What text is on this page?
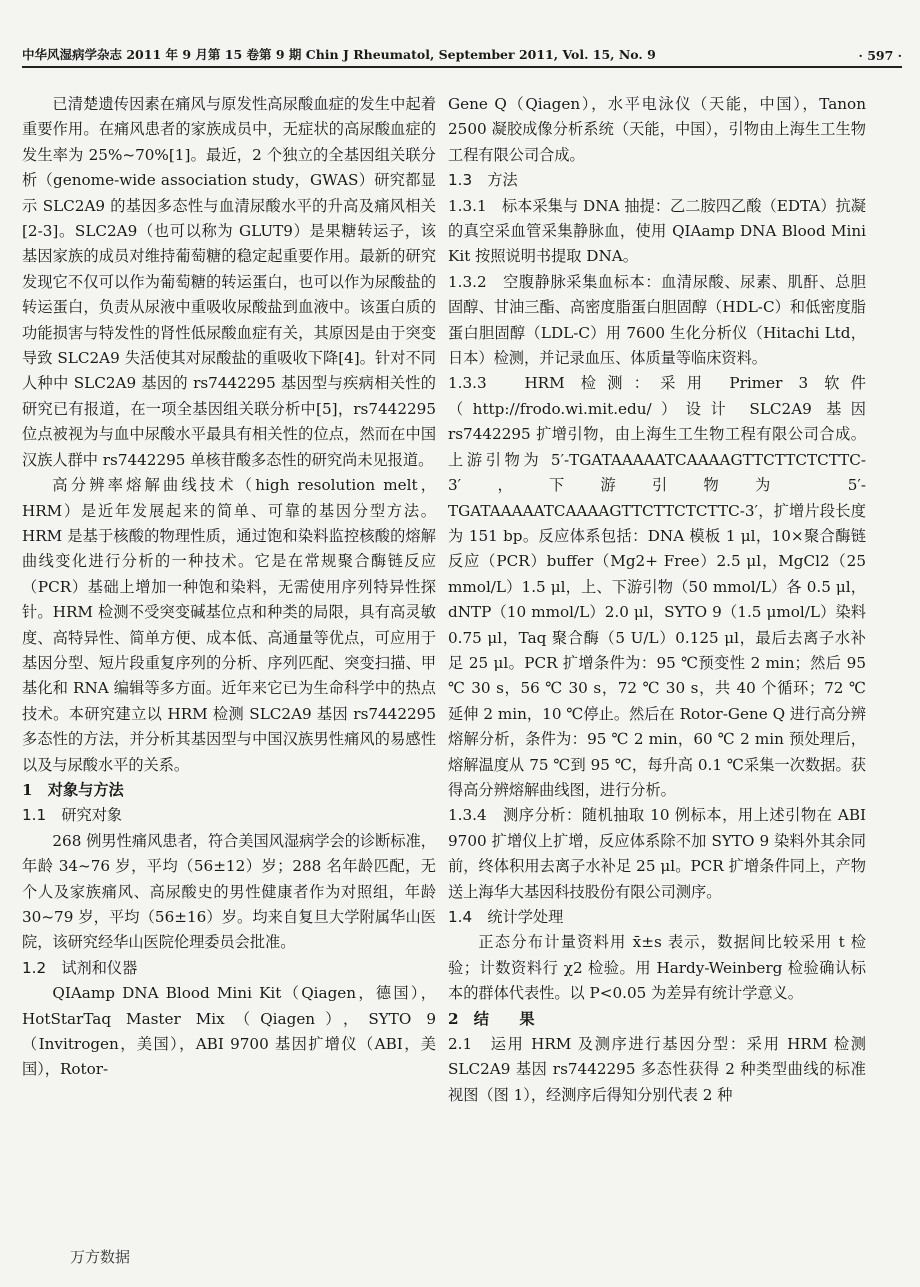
中华风湿病学杂志 2011 年 9 月第 15 卷第 9 期 Chin J Rheumatol, September 2011, Vol. 15, No. 9	· 597 ·

已清楚遗传因素在痛风与原发性高尿酸血症的发生中起着重要作用。在痛风患者的家族成员中，无症状的高尿酸血症的发生率为 25%~70%[1]。最近，2 个独立的全基因组关联分析（genome-wide association study，GWAS）研究都显示 SLC2A9 的基因多态性与血清尿酸水平的升高及痛风相关[2-3]。SLC2A9（也可以称为 GLUT9）是果糖转运子，该基因家族的成员对维持葡萄糖的稳定起重要作用。最新的研究发现它不仅可以作为葡萄糖的转运蛋白，也可以作为尿酸盐的转运蛋白，负责从尿液中重吸收尿酸盐到血液中。该蛋白质的功能损害与特发性的肾性低尿酸血症有关，其原因是由于突变导致 SLC2A9 失活使其对尿酸盐的重吸收下降[4]。针对不同人种中 SLC2A9 基因的 rs7442295 基因型与疾病相关性的研究已有报道，在一项全基因组关联分析中[5]，rs7442295 位点被视为与血中尿酸水平最具有相关性的位点，然而在中国汉族人群中 rs7442295 单核苷酸多态性的研究尚未见报道。

高分辨率熔解曲线技术（high resolution melt，HRM）是近年发展起来的简单、可靠的基因分型方法。HRM 是基于核酸的物理性质，通过饱和染料监控核酸的熔解曲线变化进行分析的一种技术。它是在常规聚合酶链反应（PCR）基础上增加一种饱和染料，无需使用序列特异性探针。HRM 检测不受突变碱基位点和种类的局限，具有高灵敏度、高特异性、简单方便、成本低、高通量等优点，可应用于基因分型、短片段重复序列的分析、序列匹配、突变扫描、甲基化和 RNA 编辑等多方面。近年来它已为生命科学中的热点技术。本研究建立以 HRM 检测 SLC2A9 基因 rs7442295 多态性的方法，并分析其基因型与中国汉族男性痛风的易感性以及与尿酸水平的关系。

1　对象与方法

1.1　研究对象

268 例男性痛风患者，符合美国风湿病学会的诊断标准，年龄 34~76 岁，平均（56±12）岁；288 名年龄匹配，无个人及家族痛风、高尿酸史的男性健康者作为对照组，年龄 30~79 岁，平均（56±16）岁。均来自复旦大学附属华山医院，该研究经华山医院伦理委员会批准。

1.2　试剂和仪器

QIAamp DNA Blood Mini Kit（Qiagen，德国），HotStarTaq Master Mix（Qiagen），SYTO 9（Invitrogen，美国），ABI 9700 基因扩增仪（ABI，美国），Rotor-

Gene Q（Qiagen），水平电泳仪（天能，中国），Tanon 2500 凝胶成像分析系统（天能，中国），引物由上海生工生物工程有限公司合成。

1.3　方法

1.3.1　标本采集与 DNA 抽提：乙二胺四乙酸（EDTA）抗凝的真空采血管采集静脉血，使用 QIAamp DNA Blood Mini Kit 按照说明书提取 DNA。

1.3.2　空腹静脉采集血标本：血清尿酸、尿素、肌酐、总胆固醇、甘油三酯、高密度脂蛋白胆固醇（HDL-C）和低密度脂蛋白胆固醇（LDL-C）用 7600 生化分析仪（Hitachi Ltd，日本）检测，并记录血压、体质量等临床资料。

1.3.3　HRM 检测：采用 Primer 3 软件（http://frodo.wi.mit.edu/）设计 SLC2A9 基因 rs7442295 扩增引物，由上海生工生物工程有限公司合成。上游引物为 5′-TGATAAAAATCAAAAGTTCTTCTCTTC-3′，下游引物为 5′-TGATAAAAATCAAAAGTTCTTCTCTTC-3′，扩增片段长度为 151 bp。反应体系包括：DNA 模板 1 μl，10×聚合酶链反应（PCR）buffer（Mg2+ Free）2.5 μl，MgCl2（25 mmol/L）1.5 μl，上、下游引物（50 mmol/L）各 0.5 μl，dNTP（10 mmol/L）2.0 μl，SYTO 9（1.5 μmol/L）染料 0.75 μl，Taq 聚合酶（5 U/L）0.125 μl，最后去离子水补足 25 μl。PCR 扩增条件为：95 ℃预变性 2 min；然后 95 ℃ 30 s，56 ℃ 30 s，72 ℃ 30 s，共 40 个循环；72 ℃ 延伸 2 min，10 ℃停止。然后在 Rotor-Gene Q 进行高分辨熔解分析，条件为：95 ℃ 2 min，60 ℃ 2 min 预处理后，熔解温度从 75 ℃到 95 ℃，每升高 0.1 ℃采集一次数据。获得高分辨熔解曲线图，进行分析。

1.3.4　测序分析：随机抽取 10 例标本，用上述引物在 ABI 9700 扩增仪上扩增，反应体系除不加 SYTO 9 染料外其余同前，终体积用去离子水补足 25 μl。PCR 扩增条件同上，产物送上海华大基因科技股份有限公司测序。

1.4　统计学处理

正态分布计量资料用 x̄±s 表示，数据间比较采用 t 检验；计数资料行 χ2 检验。用 Hardy-Weinberg 检验确认标本的群体代表性。以 P<0.05 为差异有统计学意义。

2　结　　果

2.1　运用 HRM 及测序进行基因分型：采用 HRM 检测 SLC2A9 基因 rs7442295 多态性获得 2 种类型曲线的标准视图（图 1），经测序后得知分别代表 2 种

万方数据
